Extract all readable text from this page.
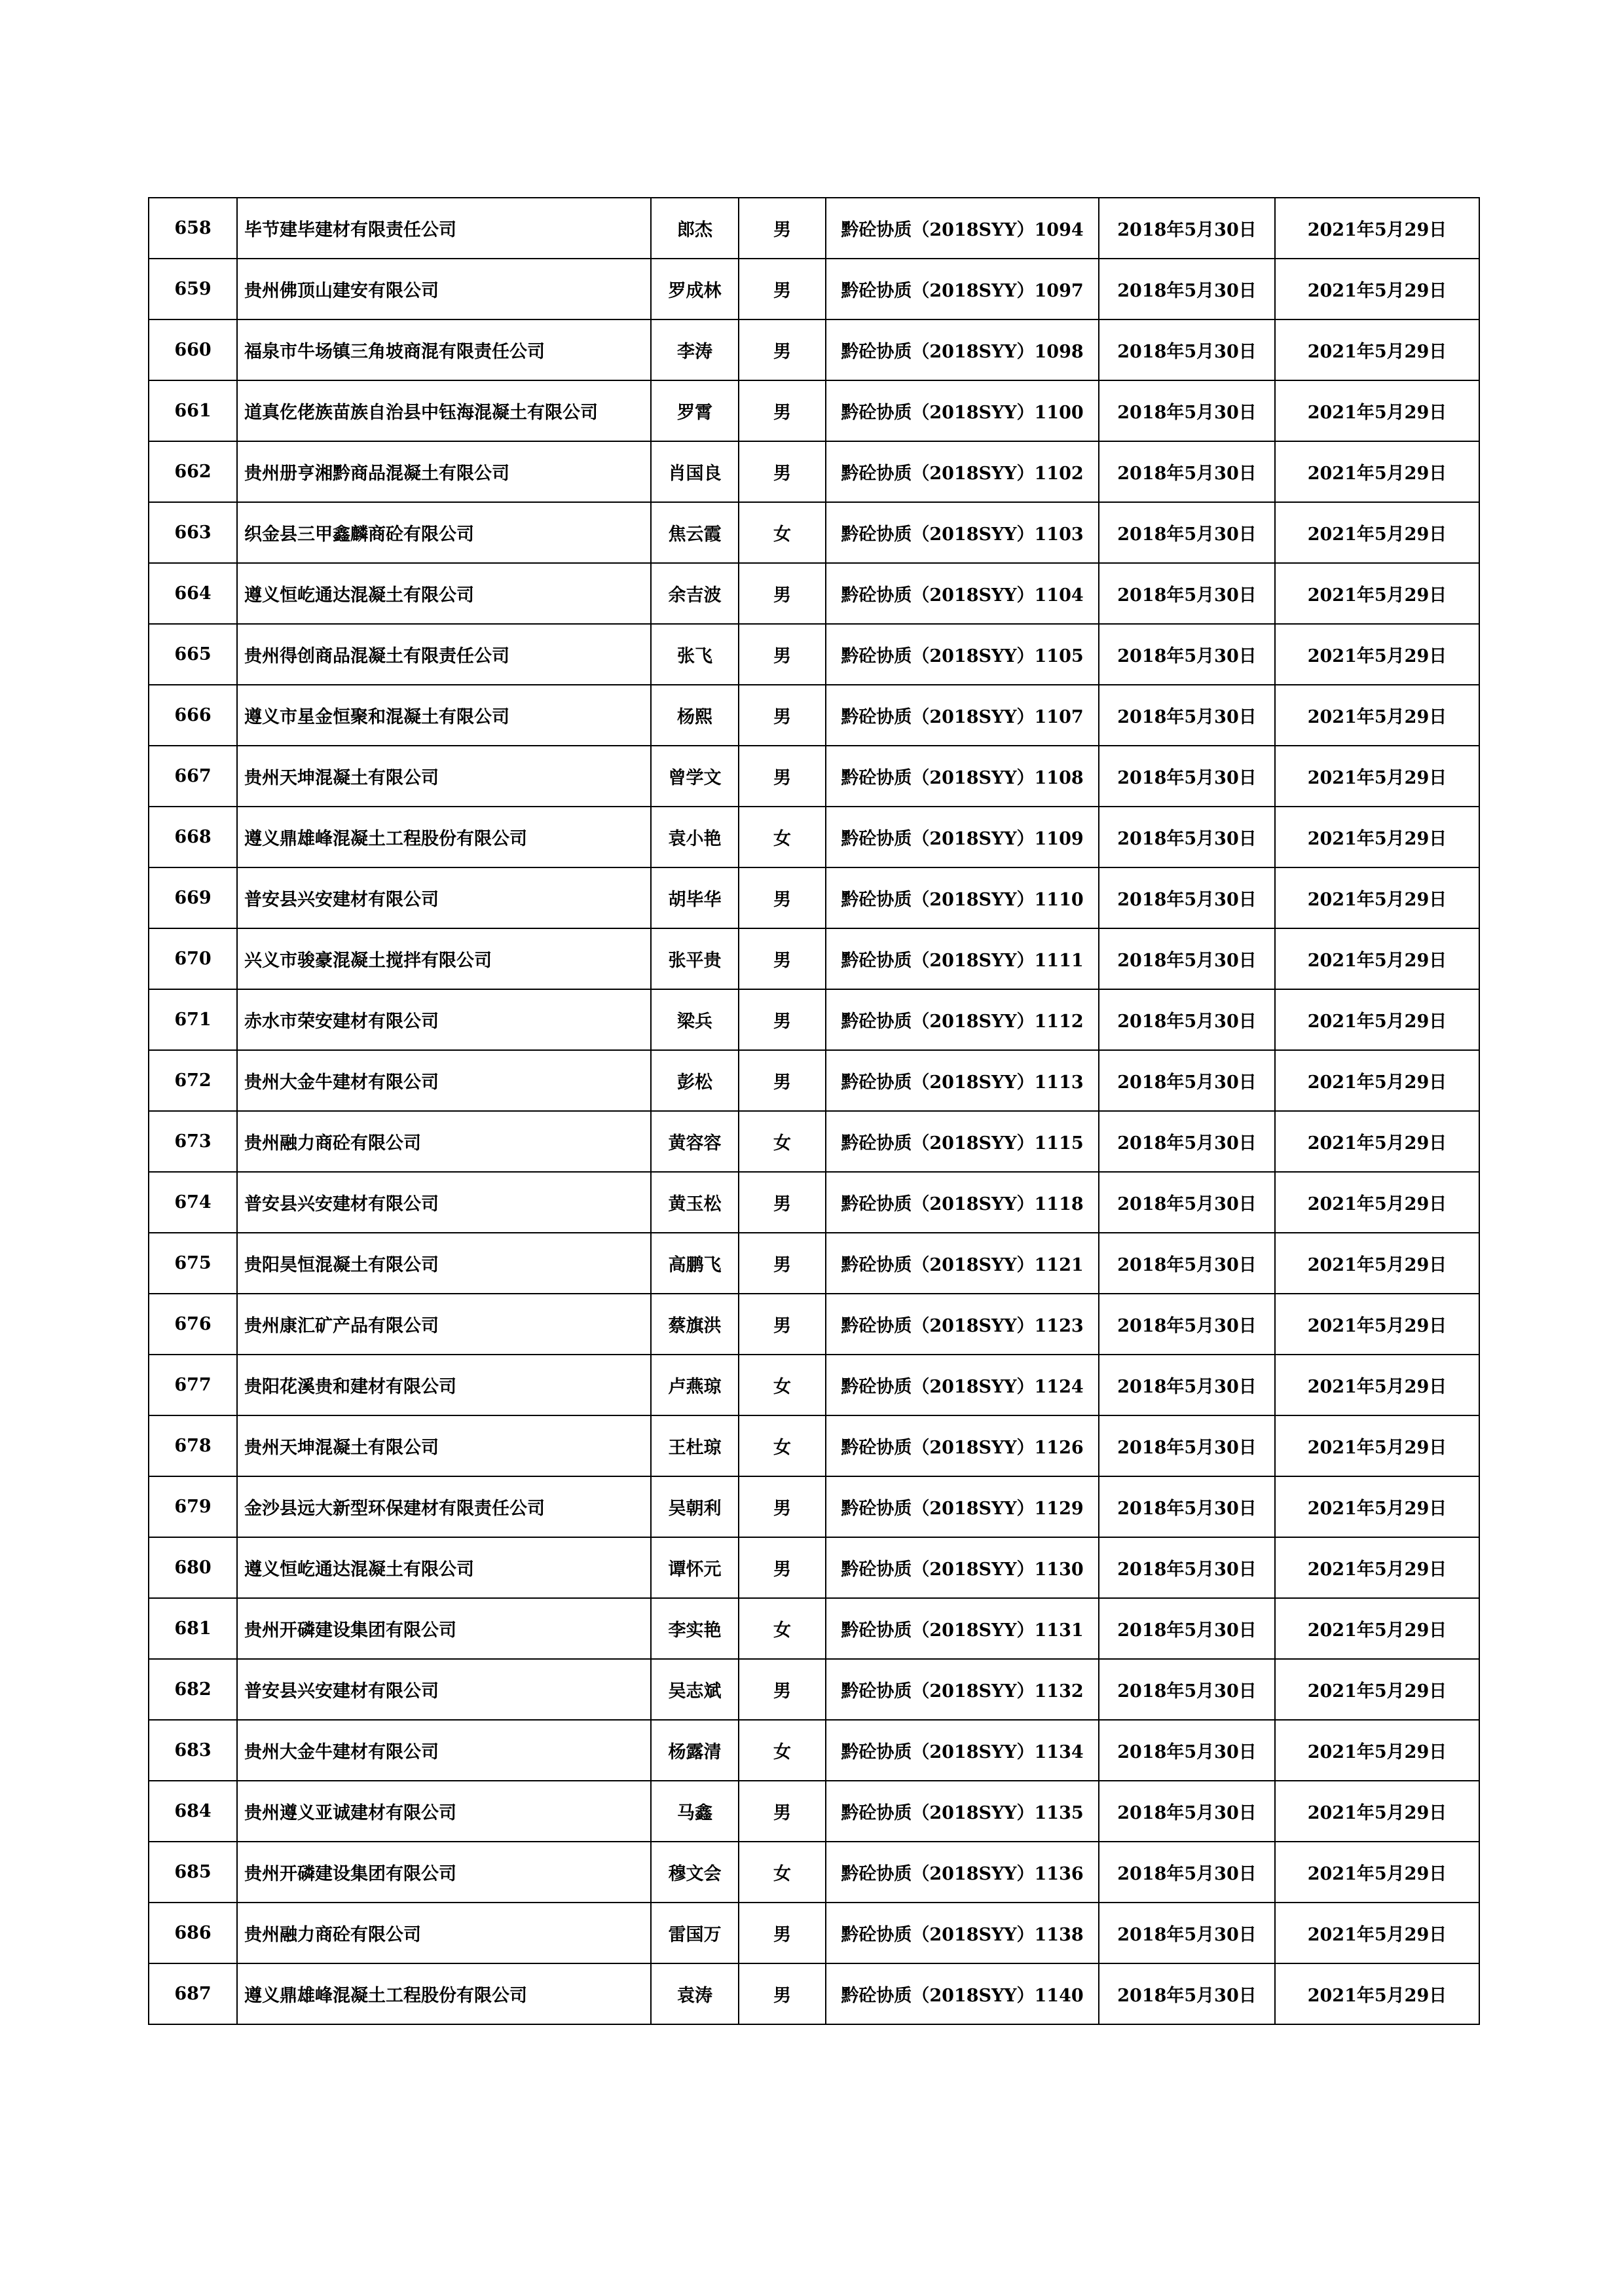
658	毕节建毕建材有限责任公司	郎杰	男	黔砼协质（2018SYY）1094	2018年5月30日	2021年5月29日
659	贵州佛顶山建安有限公司	罗成林	男	黔砼协质（2018SYY）1097	2018年5月30日	2021年5月29日
660	福泉市牛场镇三角坡商混有限责任公司	李涛	男	黔砼协质（2018SYY）1098	2018年5月30日	2021年5月29日
661	道真仡佬族苗族自治县中钰海混凝土有限公司	罗霄	男	黔砼协质（2018SYY）1100	2018年5月30日	2021年5月29日
662	贵州册亨湘黔商品混凝土有限公司	肖国良	男	黔砼协质（2018SYY）1102	2018年5月30日	2021年5月29日
663	织金县三甲鑫麟商砼有限公司	焦云霞	女	黔砼协质（2018SYY）1103	2018年5月30日	2021年5月29日
664	遵义恒屹通达混凝土有限公司	余吉波	男	黔砼协质（2018SYY）1104	2018年5月30日	2021年5月29日
665	贵州得创商品混凝土有限责任公司	张飞	男	黔砼协质（2018SYY）1105	2018年5月30日	2021年5月29日
666	遵义市星金恒聚和混凝土有限公司	杨熙	男	黔砼协质（2018SYY）1107	2018年5月30日	2021年5月29日
667	贵州天坤混凝土有限公司	曾学文	男	黔砼协质（2018SYY）1108	2018年5月30日	2021年5月29日
668	遵义鼎雄峰混凝土工程股份有限公司	袁小艳	女	黔砼协质（2018SYY）1109	2018年5月30日	2021年5月29日
669	普安县兴安建材有限公司	胡毕华	男	黔砼协质（2018SYY）1110	2018年5月30日	2021年5月29日
670	兴义市骏豪混凝土搅拌有限公司	张平贵	男	黔砼协质（2018SYY）1111	2018年5月30日	2021年5月29日
671	赤水市荣安建材有限公司	梁兵	男	黔砼协质（2018SYY）1112	2018年5月30日	2021年5月29日
672	贵州大金牛建材有限公司	彭松	男	黔砼协质（2018SYY）1113	2018年5月30日	2021年5月29日
673	贵州融力商砼有限公司	黄容容	女	黔砼协质（2018SYY）1115	2018年5月30日	2021年5月29日
674	普安县兴安建材有限公司	黄玉松	男	黔砼协质（2018SYY）1118	2018年5月30日	2021年5月29日
675	贵阳昊恒混凝土有限公司	高鹏飞	男	黔砼协质（2018SYY）1121	2018年5月30日	2021年5月29日
676	贵州康汇矿产品有限公司	蔡旗洪	男	黔砼协质（2018SYY）1123	2018年5月30日	2021年5月29日
677	贵阳花溪贵和建材有限公司	卢燕琼	女	黔砼协质（2018SYY）1124	2018年5月30日	2021年5月29日
678	贵州天坤混凝土有限公司	王杜琼	女	黔砼协质（2018SYY）1126	2018年5月30日	2021年5月29日
679	金沙县远大新型环保建材有限责任公司	吴朝利	男	黔砼协质（2018SYY）1129	2018年5月30日	2021年5月29日
680	遵义恒屹通达混凝土有限公司	谭怀元	男	黔砼协质（2018SYY）1130	2018年5月30日	2021年5月29日
681	贵州开磷建设集团有限公司	李实艳	女	黔砼协质（2018SYY）1131	2018年5月30日	2021年5月29日
682	普安县兴安建材有限公司	吴志斌	男	黔砼协质（2018SYY）1132	2018年5月30日	2021年5月29日
683	贵州大金牛建材有限公司	杨露清	女	黔砼协质（2018SYY）1134	2018年5月30日	2021年5月29日
684	贵州遵义亚诚建材有限公司	马鑫	男	黔砼协质（2018SYY）1135	2018年5月30日	2021年5月29日
685	贵州开磷建设集团有限公司	穆文会	女	黔砼协质（2018SYY）1136	2018年5月30日	2021年5月29日
686	贵州融力商砼有限公司	雷国万	男	黔砼协质（2018SYY）1138	2018年5月30日	2021年5月29日
687	遵义鼎雄峰混凝土工程股份有限公司	袁涛	男	黔砼协质（2018SYY）1140	2018年5月30日	2021年5月29日
